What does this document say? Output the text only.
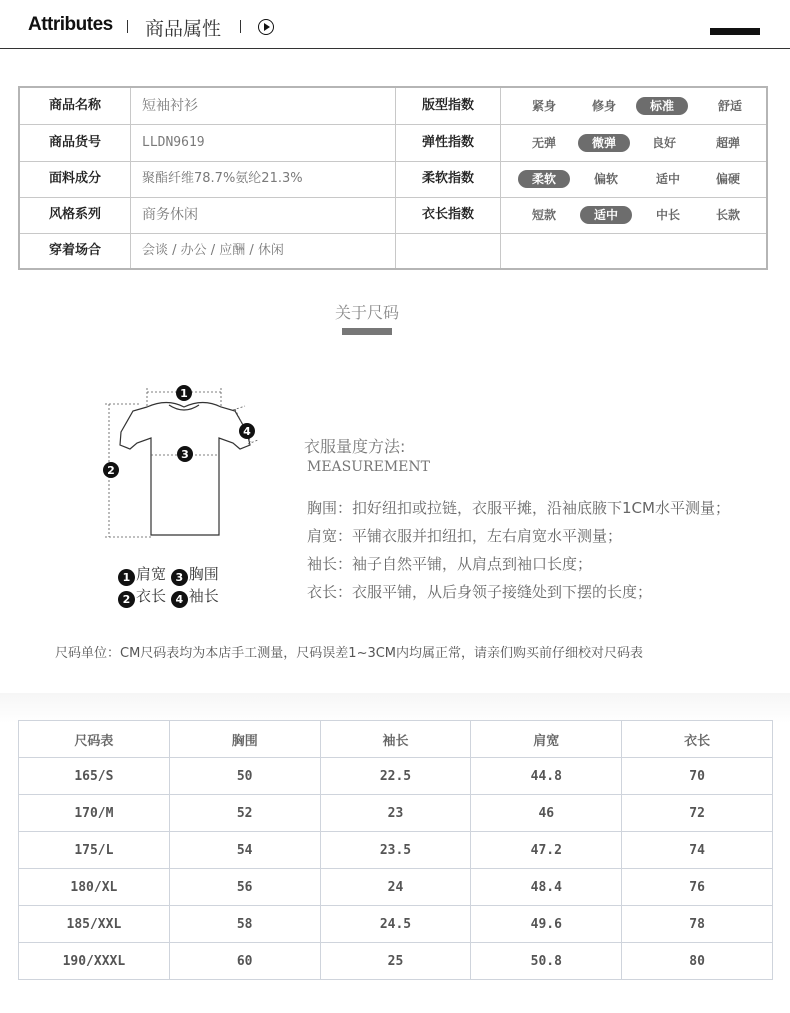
Attributes 商品属性
商品名称	短袖衬衫	版型指数	紧身	修身	标准	舒适
商品货号	LLDN9619	弹性指数	无弹	微弹	良好	超弹
面料成分	聚酯纤维78.7%氨纶21.3%	柔软指数	柔软	偏软	适中	偏硬
风格系列	商务休闲	衣长指数	短款	适中	中长	长款
穿着场合	会谈 / 办公 / 应酬 / 休闲
关于尺码
1
2
3
4
1 肩宽 3 胸围
2 衣长 4 袖长
衣服量度方法:
MEASUREMENT
胸围：扣好纽扣或拉链，衣服平摊，沿袖底腋下1CM水平测量；
肩宽：平铺衣服并扣纽扣，左右肩宽水平测量；
袖长：袖子自然平铺，从肩点到袖口长度；
衣长：衣服平铺，从后身领子接缝处到下摆的长度；
尺码单位：CM尺码表均为本店手工测量，尺码误差1~3CM内均属正常，请亲们购买前仔细校对尺码表
尺码表	胸围	袖长	肩宽	衣长
165/S	50	22.5	44.8	70
170/M	52	23	46	72
175/L	54	23.5	47.2	74
180/XL	56	24	48.4	76
185/XXL	58	24.5	49.6	78
190/XXXL	60	25	50.8	80
